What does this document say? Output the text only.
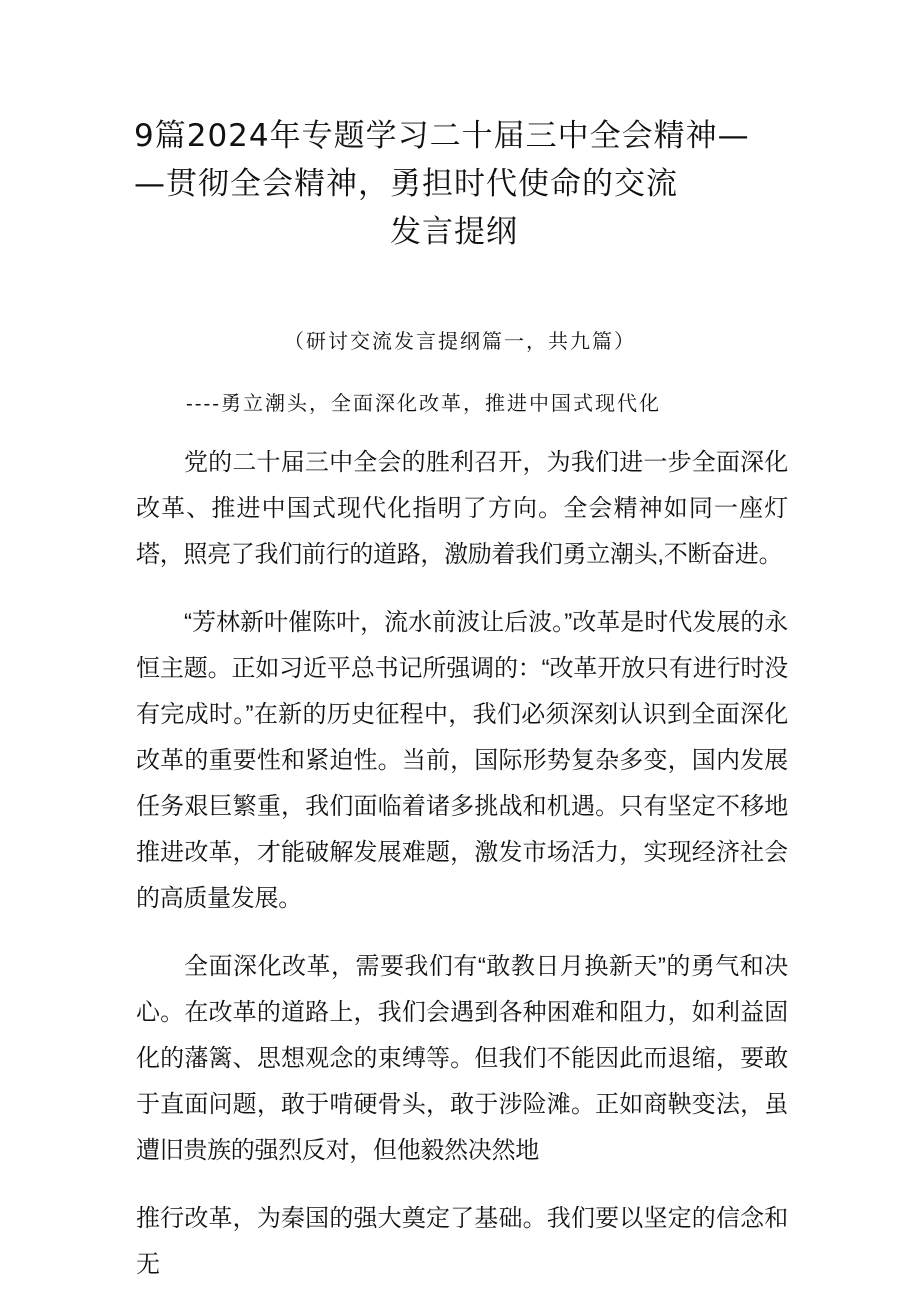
9篇2024年专题学习二十届三中全会精神—
—贯彻全会精神，勇担时代使命的交流
发言提纲

（研讨交流发言提纲篇一，共九篇）

----勇立潮头，全面深化改革，推进中国式现代化

党的二十届三中全会的胜利召开，为我们进一步全面深化改革、推进中国式现代化指明了方向。全会精神如同一座灯塔，照亮了我们前行的道路，激励着我们勇立潮头,不断奋进。

“芳林新叶催陈叶，流水前波让后波。”改革是时代发展的永恒主题。正如习近平总书记所强调的：“改革开放只有进行时没有完成时。”在新的历史征程中，我们必须深刻认识到全面深化改革的重要性和紧迫性。当前，国际形势复杂多变，国内发展任务艰巨繁重，我们面临着诸多挑战和机遇。只有坚定不移地推进改革，才能破解发展难题，激发市场活力，实现经济社会的高质量发展。

全面深化改革，需要我们有“敢教日月换新天”的勇气和决心。在改革的道路上，我们会遇到各种困难和阻力，如利益固化的藩篱、思想观念的束缚等。但我们不能因此而退缩，要敢于直面问题，敢于啃硬骨头，敢于涉险滩。正如商鞅变法，虽遭旧贵族的强烈反对，但他毅然决然地

推行改革，为秦国的强大奠定了基础。我们要以坚定的信念和无
